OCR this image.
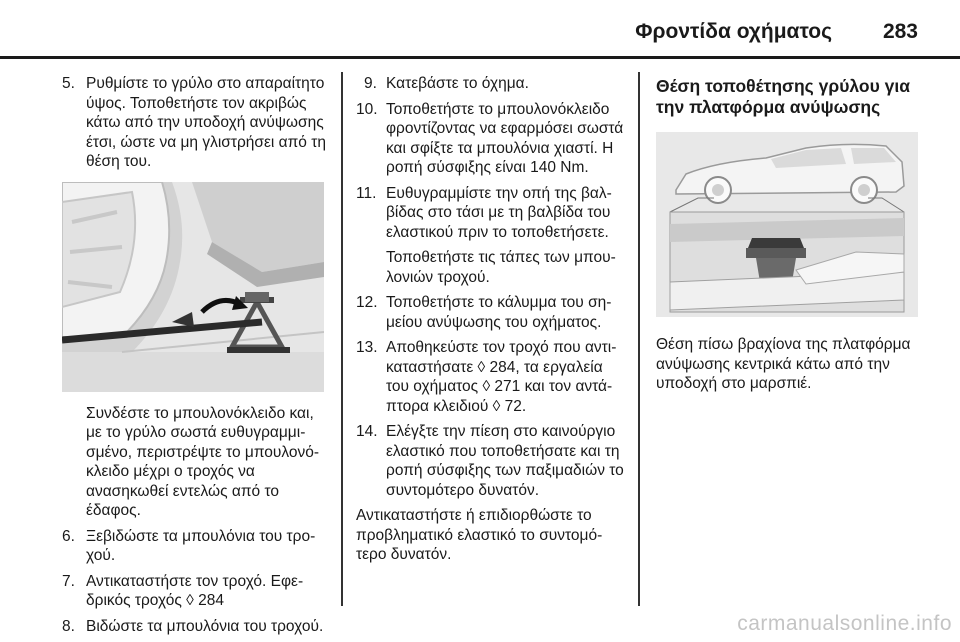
Φροντίδα οχήματος 283
5. Ρυθμίστε το γρύλο στο απαραίτητο ύψος. Τοποθετήστε τον ακριβώς κάτω από την υποδοχή ανύψωσης έτσι, ώστε να μη γλιστρήσει από τη θέση του.
Συνδέστε το μπουλονόκλειδο και, με το γρύλο σωστά ευθυγραμμισμένο, περιστρέψτε το μπουλονόκλειδο μέχρι ο τροχός να ανασηκωθεί εντελώς από το έδαφος.
6. Ξεβιδώστε τα μπουλόνια του τροχού.
7. Αντικαταστήστε τον τροχό. Εφεδρικός τροχός ◊ 284
8. Βιδώστε τα μπουλόνια του τροχού.
9. Κατεβάστε το όχημα.
10. Τοποθετήστε το μπουλονόκλειδο φροντίζοντας να εφαρμόσει σωστά και σφίξτε τα μπουλόνια χιαστί. Η ροπή σύσφιξης είναι 140 Nm.
11. Ευθυγραμμίστε την οπή της βαλβίδας στο τάσι με τη βαλβίδα του ελαστικού πριν το τοποθετήσετε.
Τοποθετήστε τις τάπες των μπουλονιών τροχού.
12. Τοποθετήστε το κάλυμμα του σημείου ανύψωσης του οχήματος.
13. Αποθηκεύστε τον τροχό που αντικαταστήσατε ◊ 284, τα εργαλεία του οχήματος ◊ 271 και τον αντάπτορα κλειδιού ◊ 72.
14. Ελέγξτε την πίεση στο καινούργιο ελαστικό που τοποθετήσατε και τη ροπή σύσφιξης των παξιμαδιών το συντομότερο δυνατόν.
Αντικαταστήστε ή επιδιορθώστε το προβληματικό ελαστικό το συντομότερο δυνατόν.
Θέση τοποθέτησης γρύλου για την πλατφόρμα ανύψωσης
Θέση πίσω βραχίονα της πλατφόρμα ανύψωσης κεντρικά κάτω από την υποδοχή στο μαρσπιέ.
carmanualsonline.info
